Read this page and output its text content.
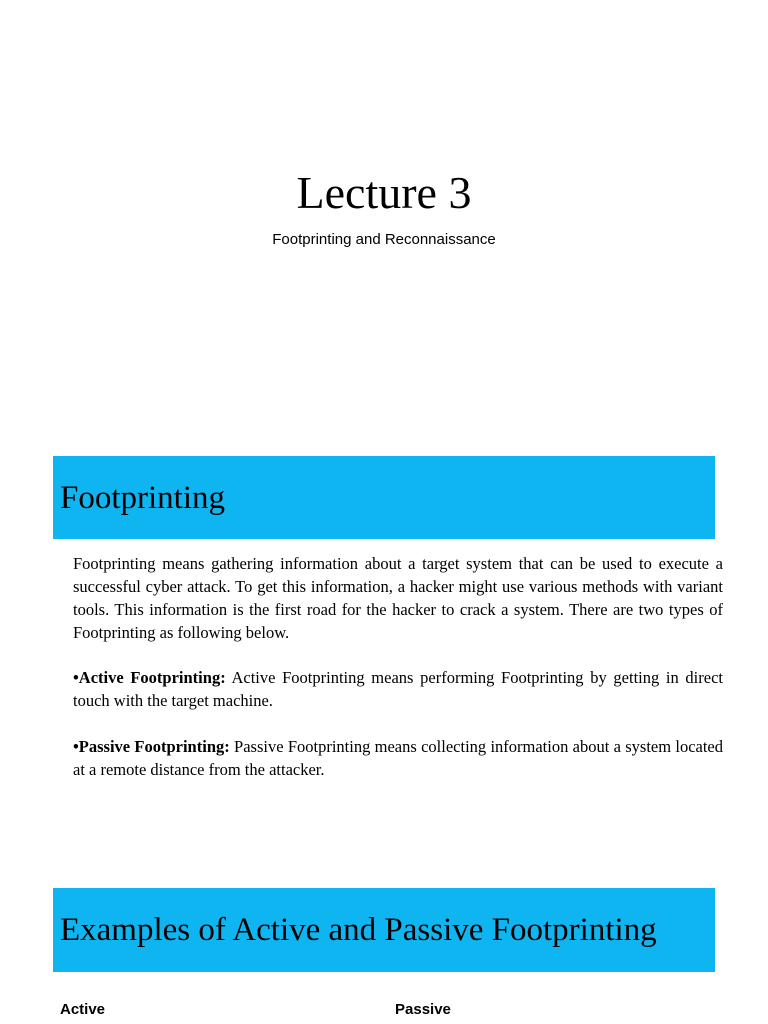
Lecture 3
Footprinting and Reconnaissance
Footprinting
Footprinting means gathering information about a target system that can be used to execute a successful cyber attack. To get this information, a hacker might use various methods with variant tools. This information is the first road for the hacker to crack a system. There are two types of Footprinting as following below.
•Active Footprinting: Active Footprinting means performing Footprinting by getting in direct touch with the target machine.
•Passive Footprinting: Passive Footprinting means collecting information about a system located at a remote distance from the attacker.
Examples of Active and Passive Footprinting
Active	Passive
